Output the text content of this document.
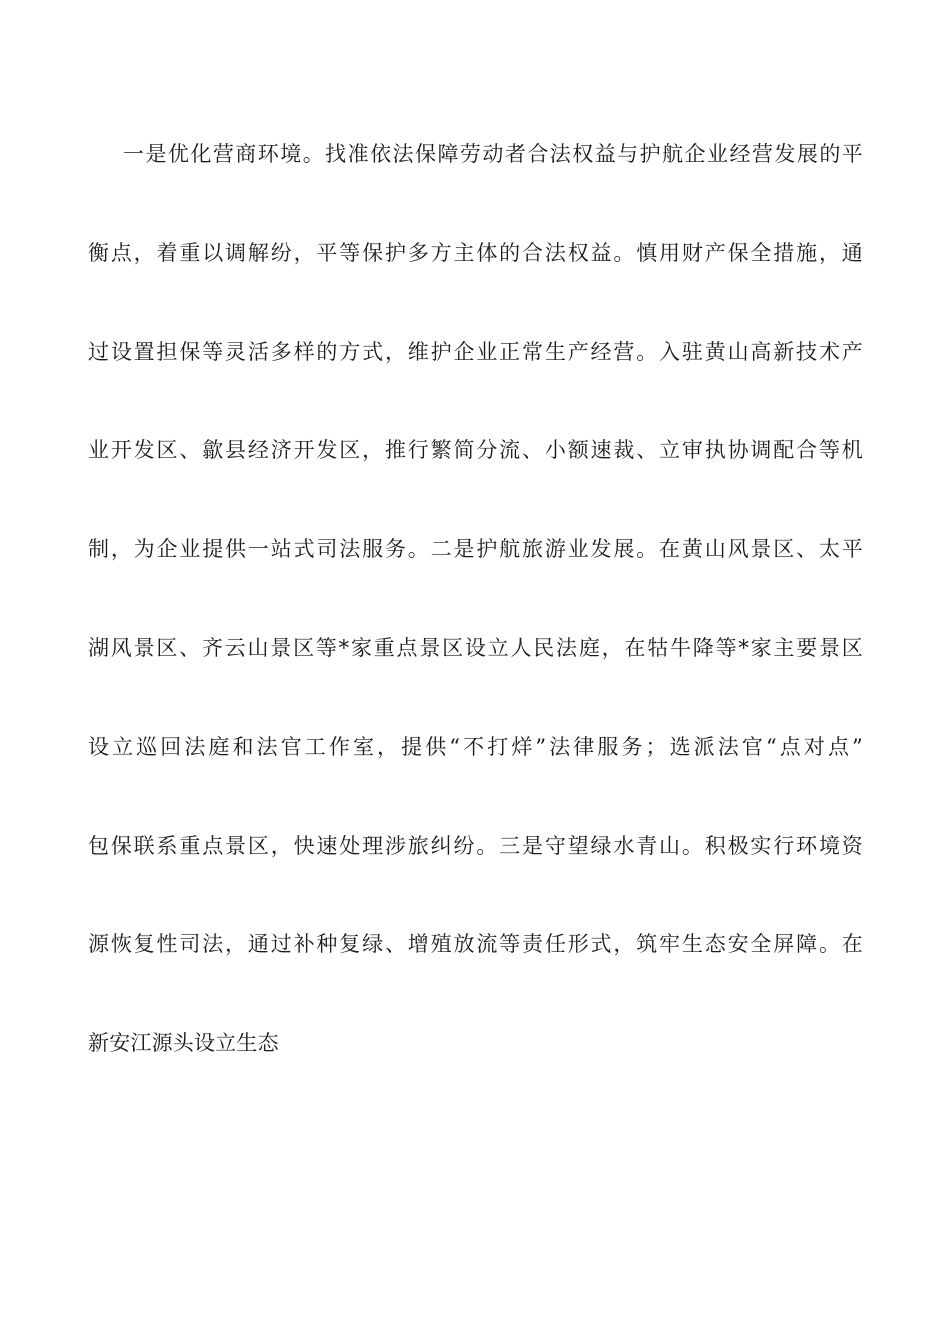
一是优化营商环境。找准依法保障劳动者合法权益与护航企业经营发展的平
衡点，着重以调解纷，平等保护多方主体的合法权益。慎用财产保全措施，通
过设置担保等灵活多样的方式，维护企业正常生产经营。入驻黄山高新技术产
业开发区、歙县经济开发区，推行繁简分流、小额速裁、立审执协调配合等机
制，为企业提供一站式司法服务。二是护航旅游业发展。在黄山风景区、太平
湖风景区、齐云山景区等*家重点景区设立人民法庭，在牯牛降等*家主要景区
设立巡回法庭和法官工作室，提供“不打烊”法律服务；选派法官“点对点”
包保联系重点景区，快速处理涉旅纠纷。三是守望绿水青山。积极实行环境资
源恢复性司法，通过补种复绿、增殖放流等责任形式，筑牢生态安全屏障。在
新安江源头设立生态
